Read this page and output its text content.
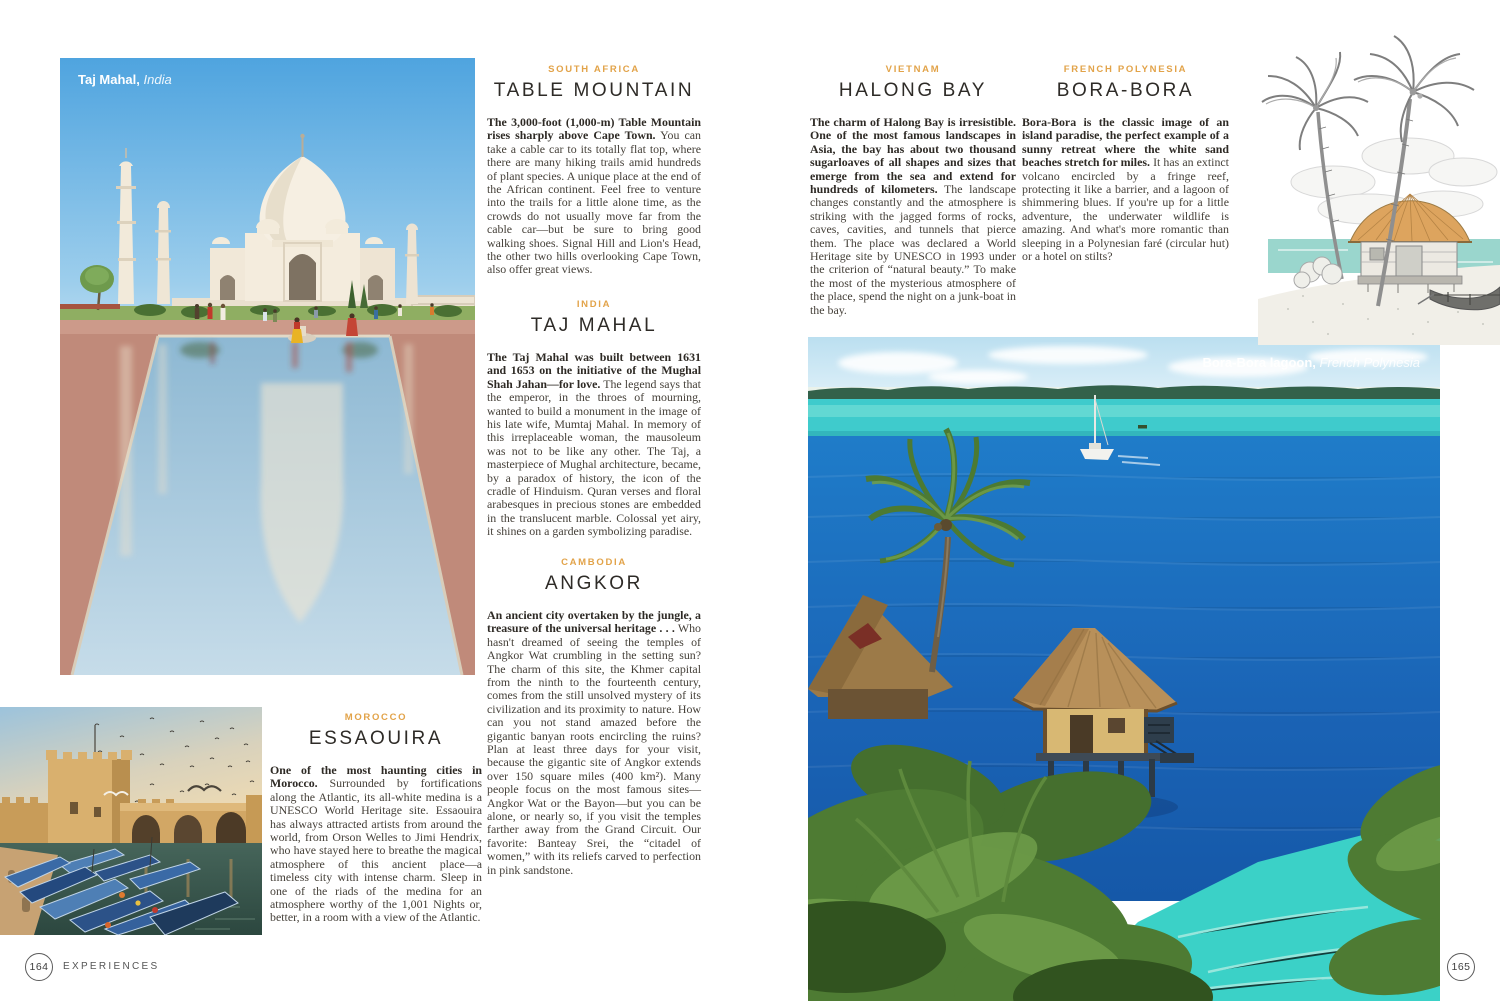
Taj Mahal, India
Bora-Bora lagoon, French Polynesia
SOUTH AFRICA
TABLE MOUNTAIN

The 3,000-foot (1,000-m) Table Mountain rises sharply above Cape Town. You can take a cable car to its totally flat top, where there are many hiking trails amid hundreds of plant species. A unique place at the end of the African continent. Feel free to venture into the trails for a little alone time, as the crowds do not usually move far from the cable car—but be sure to bring good walking shoes. Signal Hill and Lion's Head, the other two hills overlooking Cape Town, also offer great views.

INDIA
TAJ MAHAL

The Taj Mahal was built between 1631 and 1653 on the initiative of the Mughal Shah Jahan—for love. The legend says that the emperor, in the throes of mourning, wanted to build a monument in the image of his late wife, Mumtaj Mahal. In memory of this irreplaceable woman, the mausoleum was not to be like any other. The Taj, a masterpiece of Mughal architecture, became, by a paradox of history, the icon of the cradle of Hinduism. Quran verses and floral arabesques in precious stones are embedded in the translucent marble. Colossal yet airy, it shines on a garden symbolizing paradise.

CAMBODIA
ANGKOR

An ancient city overtaken by the jungle, a treasure of the universal heritage . . . Who hasn't dreamed of seeing the temples of Angkor Wat crumbling in the setting sun? The charm of this site, the Khmer capital from the ninth to the fourteenth century, comes from the still unsolved mystery of its civilization and its proximity to nature. How can you not stand amazed before the gigantic banyan roots encircling the ruins? Plan at least three days for your visit, because the gigantic site of Angkor extends over 150 square miles (400 km²). Many people focus on the most famous sites—Angkor Wat or the Bayon—but you can be alone, or nearly so, if you visit the temples farther away from the Grand Circuit. Our favorite: Banteay Srei, the “citadel of women,” with its reliefs carved to perfection in pink sandstone.

MOROCCO
ESSAOUIRA

One of the most haunting cities in Morocco. Surrounded by fortifications along the Atlantic, its all-white medina is a UNESCO World Heritage site. Essaouira has always attracted artists from around the world, from Orson Welles to Jimi Hendrix, who have stayed here to breathe the magical atmosphere of this ancient place—a timeless city with intense charm. Sleep in one of the riads of the medina for an atmosphere worthy of the 1,001 Nights or, better, in a room with a view of the Atlantic.

VIETNAM
HALONG BAY

The charm of Halong Bay is irresistible. One of the most famous landscapes in Asia, the bay has about two thousand sugarloaves of all shapes and sizes that emerge from the sea and extend for hundreds of kilometers. The landscape changes constantly and the atmosphere is striking with the jagged forms of rocks, caves, cavities, and tunnels that pierce them. The place was declared a World Heritage site by UNESCO in 1993 under the criterion of “natural beauty.” To make the most of the mysterious atmosphere of the place, spend the night on a junk-boat in the bay.

FRENCH POLYNESIA
BORA-BORA

Bora-Bora is the classic image of an island paradise, the perfect example of a sunny retreat where the white sand beaches stretch for miles. It has an extinct volcano encircled by a fringe reef, protecting it like a barrier, and a lagoon of shimmering blues. If you're up for a little adventure, the underwater wildlife is amazing. And what's more romantic than sleeping in a Polynesian faré (circular hut) or a hotel on stilts?

164 EXPERIENCES	165
